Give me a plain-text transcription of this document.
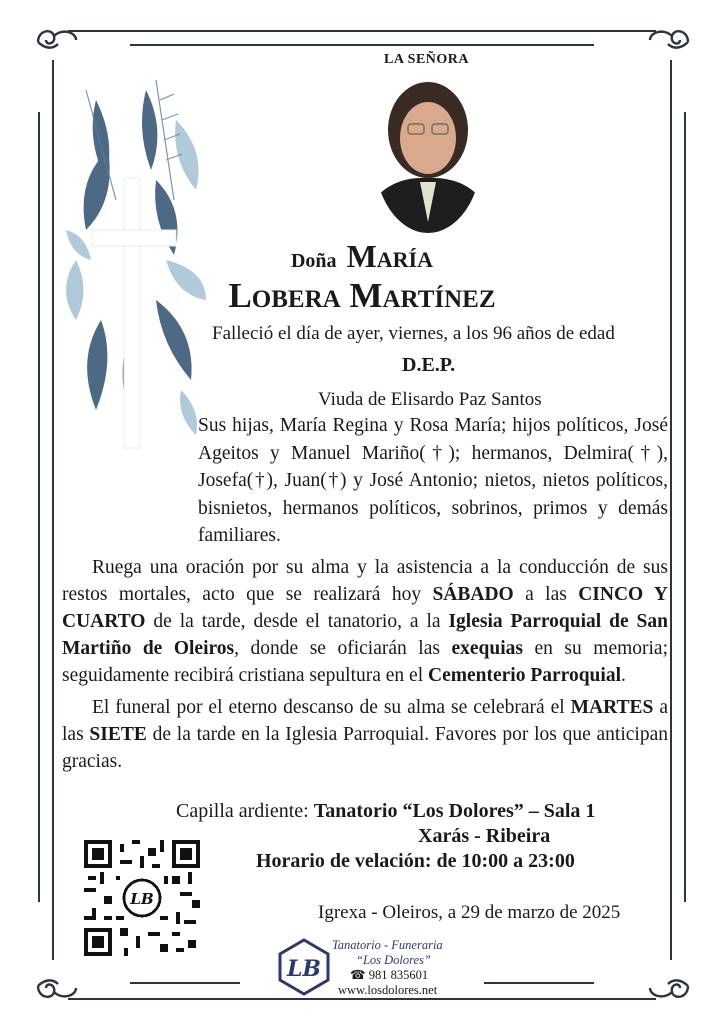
LA SEÑORA
Doña María
Lobera Martínez
Falleció el día de ayer, viernes, a los 96 años de edad
D.E.P.
Viuda de Elisardo Paz Santos

Sus hijas, María Regina y Rosa María; hijos políticos, José Ageitos y Manuel Mariño(†); hermanos, Delmira(†), Josefa(†), Juan(†) y José Antonio; nietos, nietos políticos, bisnietos, hermanos políticos, sobrinos, primos y demás familiares.

Ruega una oración por su alma y la asistencia a la conducción de sus restos mortales, acto que se realizará hoy SÁBADO a las CINCO Y CUARTO de la tarde, desde el tanatorio, a la Iglesia Parroquial de San Martiño de Oleiros, donde se oficiarán las exequias en su memoria; seguidamente recibirá cristiana sepultura en el Cementerio Parroquial.

El funeral por el eterno descanso de su alma se celebrará el MARTES a las SIETE de la tarde en la Iglesia Parroquial. Favores por los que anticipan gracias.

Capilla ardiente: Tanatorio “Los Dolores” – Sala 1
Xarás - Ribeira
Horario de velación: de 10:00 a 23:00
LB
Igrexa - Oleiros, a 29 de marzo de 2025
LB
Tanatorio - Funeraria
“Los Dolores”
☎ 981 835601
www.losdolores.net
